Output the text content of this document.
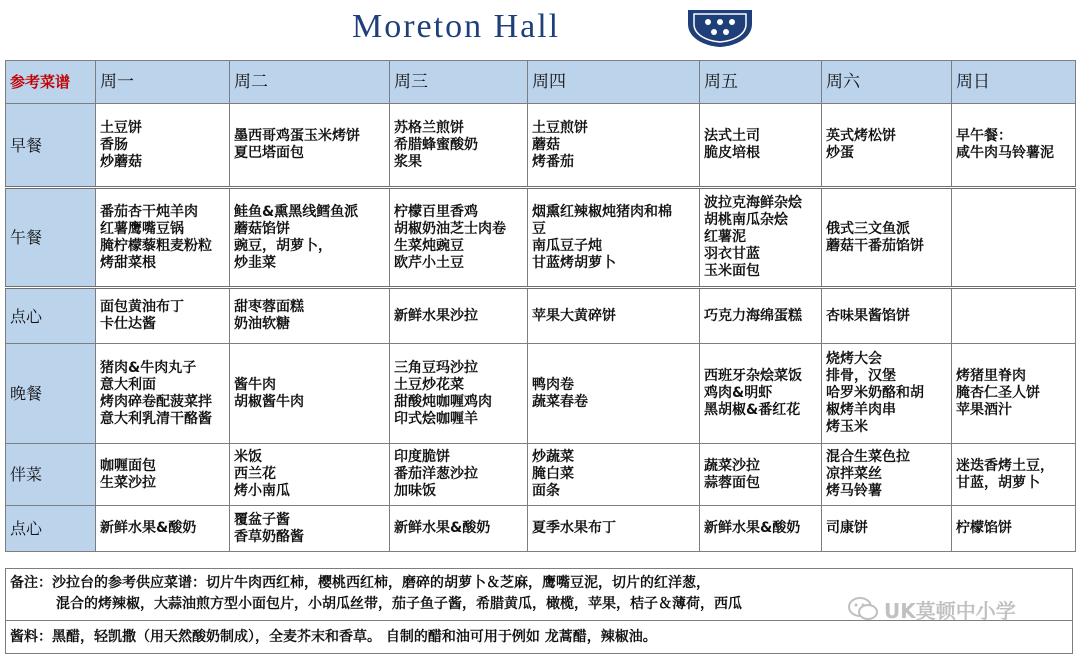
Moreton Hall
参考菜谱	周一	周二	周三	周四	周五	周六	周日
早餐	土豆饼
香肠
炒蘑菇	墨西哥鸡蛋玉米烤饼
夏巴塔面包	苏格兰煎饼
希腊蜂蜜酸奶
浆果	土豆煎饼
蘑菇
烤番茄	法式土司
脆皮培根	英式烤松饼
炒蛋	早午餐：
咸牛肉马铃薯泥

午餐	番茄杏干炖羊肉
红薯鹰嘴豆锅
腌柠檬藜粗麦粉粒
烤甜菜根	鲑鱼&熏黑线鳕鱼派
蘑菇馅饼
豌豆，胡萝卜，
炒韭菜	柠檬百里香鸡
胡椒奶油芝士肉卷
生菜炖豌豆
欧芹小土豆	烟熏红辣椒炖猪肉和棉
豆
南瓜豆子炖
甘蓝烤胡萝卜	波拉克海鲜杂烩
胡桃南瓜杂烩
红薯泥
羽衣甘蓝
玉米面包	俄式三文鱼派
蘑菇干番茄馅饼	

点心	面包黄油布丁
卡仕达酱	甜枣蓉面糕
奶油软糖	新鲜水果沙拉	苹果大黄碎饼	巧克力海绵蛋糕	杏味果酱馅饼	

晚餐	猪肉&牛肉丸子
意大利面
烤肉碎卷配菠菜拌
意大利乳清干酪酱	酱牛肉
胡椒酱牛肉	三角豆玛沙拉
土豆炒花菜
甜酸炖咖喱鸡肉
印式烩咖喱羊	鸭肉卷
蔬菜春卷	西班牙杂烩菜饭
鸡肉&明虾
黑胡椒&番红花	烧烤大会
排骨，汉堡
哈罗米奶酪和胡
椒烤羊肉串
烤玉米	烤猪里脊肉
腌杏仁圣人饼
苹果酒汁

伴菜	咖喱面包
生菜沙拉	米饭
西兰花
烤小南瓜	印度脆饼
番茄洋葱沙拉
加味饭	炒蔬菜
腌白菜
面条	蔬菜沙拉
蒜蓉面包	混合生菜色拉
凉拌菜丝
烤马铃薯	迷迭香烤土豆，
甘蓝，胡萝卜

点心	新鲜水果&酸奶	覆盆子酱
香草奶酪酱	新鲜水果&酸奶	夏季水果布丁	新鲜水果&酸奶	司康饼	柠檬馅饼
备注：沙拉台的参考供应菜谱：切片牛肉西红柿，樱桃西红柿，磨碎的胡萝卜＆芝麻，鹰嘴豆泥，切片的红洋葱，
混合的烤辣椒，大蒜油煎方型小面包片，小胡瓜丝带，茄子鱼子酱，希腊黄瓜，橄榄，苹果，桔子＆薄荷，西瓜
酱料：黑醋，轻凯撒（用天然酸奶制成），全麦芥末和香草。 自制的醋和油可用于例如 龙蒿醋，辣椒油。
UK莫顿中小学
